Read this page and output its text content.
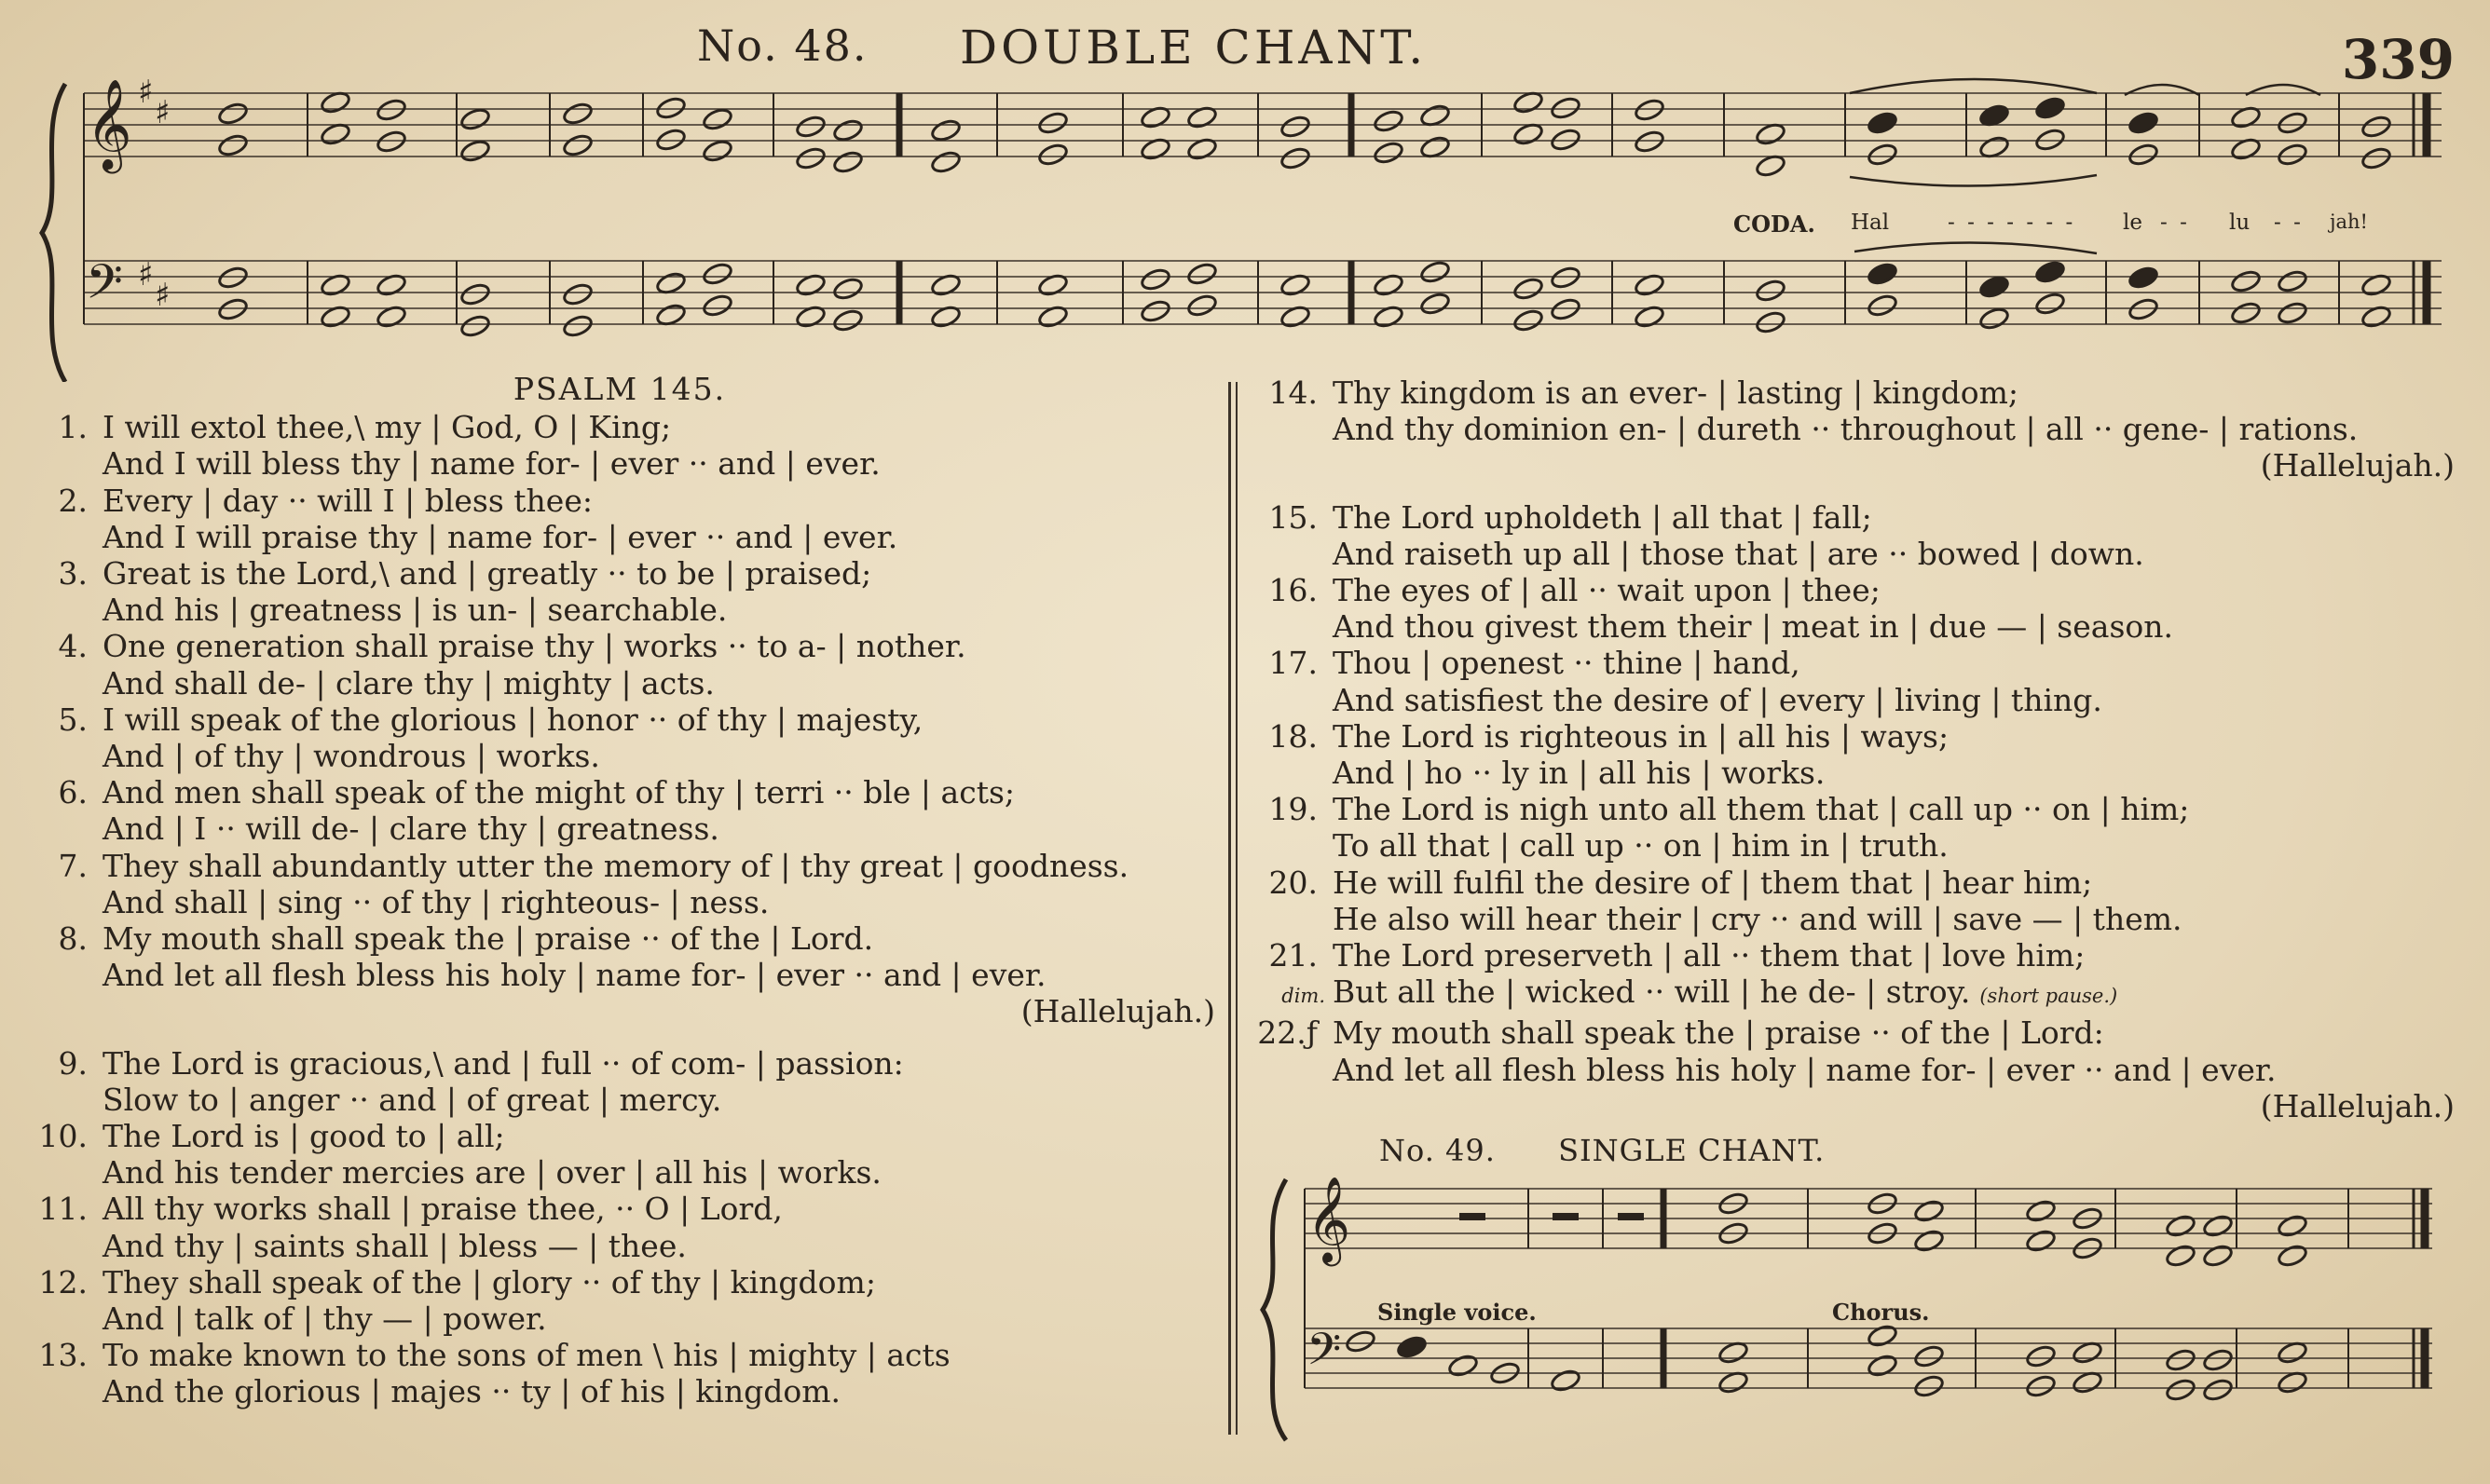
No. 48. DOUBLE CHANT.	339
𝄞
𝄢
♯
♯
♯
♯
CODA. Hal	- - - - - - - le - - lu - - jah!
PSALM 145.
1. I will extol thee,\ my | God, O | King;
And I will bless thy | name for- | ever ·· and | ever.
2. Every | day ·· will I | bless thee:
And I will praise thy | name for- | ever ·· and | ever.
3. Great is the Lord,\ and | greatly ·· to be | praised;
And his | greatness | is un- | searchable.
4. One generation shall praise thy | works ·· to a- | nother.
And shall de- | clare thy | mighty | acts.
5. I will speak of the glorious | honor ·· of thy | majesty,
And | of thy | wondrous | works.
6. And men shall speak of the might of thy | terri ·· ble | acts;
And | I ·· will de- | clare thy | greatness.
7. They shall abundantly utter the memory of | thy great | goodness.
And shall | sing ·· of thy | righteous- | ness.
8. My mouth shall speak the | praise ·· of the | Lord.
And let all flesh bless his holy | name for- | ever ·· and | ever.
(Hallelujah.)
9. The Lord is gracious,\ and | full ·· of com- | passion:
Slow to | anger ·· and | of great | mercy.
10. The Lord is | good to | all;
And his tender mercies are | over | all his | works.
11. All thy works shall | praise thee, ·· O | Lord,
And thy | saints shall | bless — | thee.
12. They shall speak of the | glory ·· of thy | kingdom;
And | talk of | thy — | power.
13. To make known to the sons of men \ his | mighty | acts
And the glorious | majes ·· ty | of his | kingdom.
14. Thy kingdom is an ever- | lasting | kingdom;
And thy dominion en- | dureth ·· throughout | all ·· gene- | rations.
(Hallelujah.)
15. The Lord upholdeth | all that | fall;
And raiseth up all | those that | are ·· bowed | down.
16. The eyes of | all ·· wait upon | thee;
And thou givest them their | meat in | due — | season.
17. Thou | openest ·· thine | hand,
And satisfiest the desire of | every | living | thing.
18. The Lord is righteous in | all his | ways;
And | ho ·· ly in | all his | works.
19. The Lord is nigh unto all them that | call up ·· on | him;
To all that | call up ·· on | him in | truth.
20. He will fulfil the desire of | them that | hear him;
He also will hear their | cry ·· and will | save — | them.
21. The Lord preserveth | all ·· them that | love him;
dim. But all the | wicked ·· will | he de- | stroy. (short pause.)
22.ƒ My mouth shall speak the | praise ·· of the | Lord:
And let all flesh bless his holy | name for- | ever ·· and | ever.
(Hallelujah.)
No. 49. SINGLE CHANT.
𝄞
𝄢
Single voice.	Chorus.
